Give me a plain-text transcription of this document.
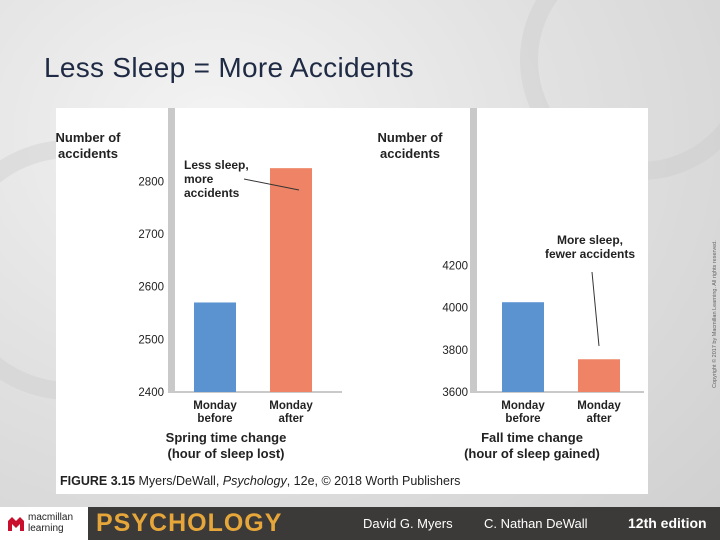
Less Sleep = More Accidents
2400
2500
2600
2700
2800
Monday
before
Monday
after
Number of
accidents
Spring time change
(hour of sleep lost)
Less sleep,
more
accidents
3600
3800
4000
4200
Monday
before
Monday
after
Number of
accidents
Fall time change
(hour of sleep gained)
More sleep,
fewer accidents
FIGURE 3.15 Myers/DeWall, Psychology, 12e, © 2018 Worth Publishers
Copyright © 2017 by Macmillan Learning. All rights reserved.
macmillan
learning	PSYCHOLOGY	David G. Myers C. Nathan DeWall	12th edition
